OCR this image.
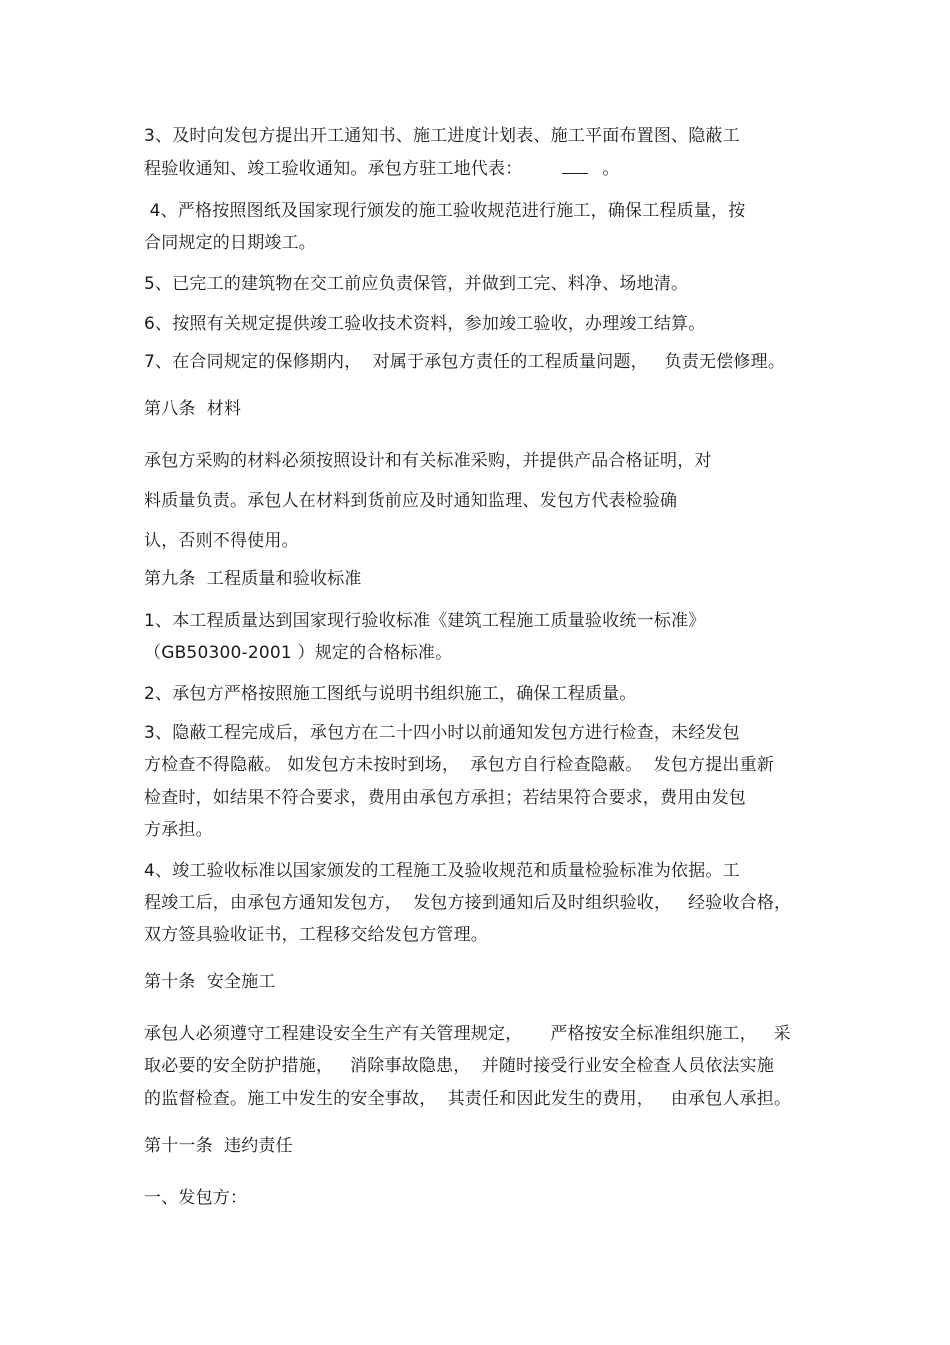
3、及时向发包方提出开工通知书、施工进度计划表、施工平面布置图、隐蔽工
程验收通知、竣工验收通知。承包方驻工地代表：	。
4、严格按照图纸及国家现行颁发的施工验收规范进行施工，确保工程质量，按
合同规定的日期竣工。
5、已完工的建筑物在交工前应负责保管，并做到工完、料净、场地清。
6、按照有关规定提供竣工验收技术资料，参加竣工验收，办理竣工结算。
7、在合同规定的保修期内，  对属于承包方责任的工程质量问题，   负责无偿修理。
第八条  材料
承包方采购的材料必须按照设计和有关标准采购，并提供产品合格证明，对
料质量负责。承包人在材料到货前应及时通知监理、发包方代表检验确
认，否则不得使用。
第九条  工程质量和验收标准
1、本工程质量达到国家现行验收标准《建筑工程施工质量验收统一标准》
（GB50300-2001 ）规定的合格标准。
2、承包方严格按照施工图纸与说明书组织施工，确保工程质量。
3、隐蔽工程完成后，承包方在二十四小时以前通知发包方进行检查，未经发包
方检查不得隐蔽。 如发包方未按时到场，  承包方自行检查隐蔽。  发包方提出重新
检查时，如结果不符合要求，费用由承包方承担；若结果符合要求，费用由发包
方承担。
4、竣工验收标准以国家颁发的工程施工及验收规范和质量检验标准为依据。工
程竣工后，由承包方通知发包方，  发包方接到通知后及时组织验收，   经验收合格，
双方签具验收证书，工程移交给发包方管理。
第十条  安全施工
承包人必须遵守工程建设安全生产有关管理规定，     严格按安全标准组织施工，   采
取必要的安全防护措施，   消除事故隐患，  并随时接受行业安全检查人员依法实施
的监督检查。施工中发生的安全事故，  其责任和因此发生的费用，   由承包人承担。
第十一条  违约责任
一、发包方：
